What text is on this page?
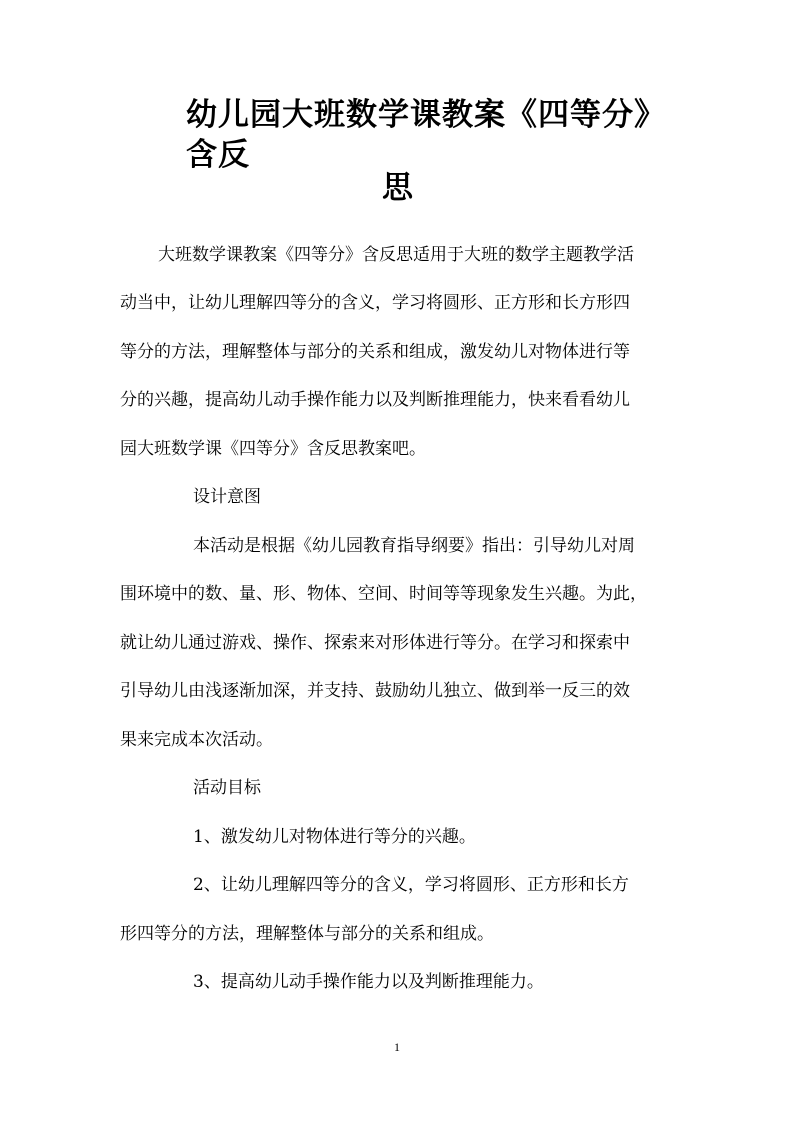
幼儿园大班数学课教案《四等分》含反
思
大班数学课教案《四等分》含反思适用于大班的数学主题教学活
动当中，让幼儿理解四等分的含义，学习将圆形、正方形和长方形四
等分的方法，理解整体与部分的关系和组成，激发幼儿对物体进行等
分的兴趣，提高幼儿动手操作能力以及判断推理能力，快来看看幼儿
园大班数学课《四等分》含反思教案吧。
设计意图
本活动是根据《幼儿园教育指导纲要》指出：引导幼儿对周
围环境中的数、量、形、物体、空间、时间等等现象发生兴趣。为此，
就让幼儿通过游戏、操作、探索来对形体进行等分。在学习和探索中
引导幼儿由浅逐渐加深，并支持、鼓励幼儿独立、做到举一反三的效
果来完成本次活动。
活动目标
1、激发幼儿对物体进行等分的兴趣。
2、让幼儿理解四等分的含义，学习将圆形、正方形和长方
形四等分的方法，理解整体与部分的关系和组成。
3、提高幼儿动手操作能力以及判断推理能力。
1
